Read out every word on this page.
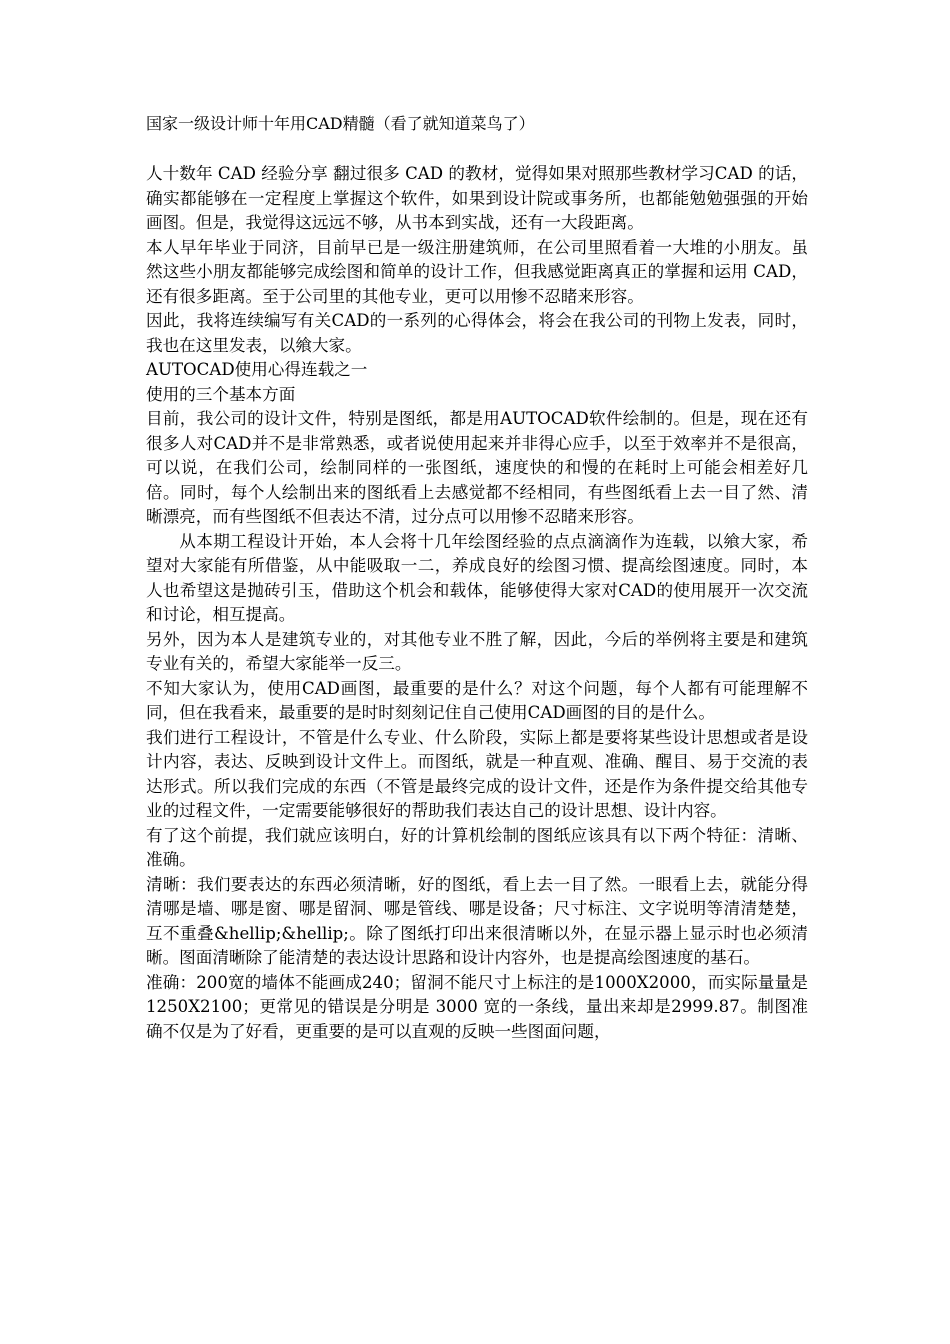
国家一级设计师十年用CAD精髓（看了就知道菜鸟了）

人十数年 CAD 经验分享 翻过很多 CAD 的教材，觉得如果对照那些教材学习CAD 的话，确实都能够在一定程度上掌握这个软件，如果到设计院或事务所，也都能勉勉强强的开始画图。但是，我觉得这远远不够，从书本到实战，还有一大段距离。

本人早年毕业于同济，目前早已是一级注册建筑师，在公司里照看着一大堆的小朋友。虽然这些小朋友都能够完成绘图和简单的设计工作，但我感觉距离真正的掌握和运用 CAD，还有很多距离。至于公司里的其他专业，更可以用惨不忍睹来形容。

因此，我将连续编写有关CAD的一系列的心得体会，将会在我公司的刊物上发表，同时，我也在这里发表，以飨大家。

AUTOCAD使用心得连载之一

使用的三个基本方面

目前，我公司的设计文件，特别是图纸，都是用AUTOCAD软件绘制的。但是，现在还有很多人对CAD并不是非常熟悉，或者说使用起来并非得心应手，以至于效率并不是很高，可以说，在我们公司，绘制同样的一张图纸，速度快的和慢的在耗时上可能会相差好几倍。同时，每个人绘制出来的图纸看上去感觉都不经相同，有些图纸看上去一目了然、清晰漂亮，而有些图纸不但表达不清，过分点可以用惨不忍睹来形容。

从本期工程设计开始，本人会将十几年绘图经验的点点滴滴作为连载，以飨大家，希望对大家能有所借鉴，从中能吸取一二，养成良好的绘图习惯、提高绘图速度。同时，本人也希望这是抛砖引玉，借助这个机会和载体，能够使得大家对CAD的使用展开一次交流和讨论，相互提高。

另外，因为本人是建筑专业的，对其他专业不胜了解，因此，今后的举例将主要是和建筑专业有关的，希望大家能举一反三。

不知大家认为，使用CAD画图，最重要的是什么？对这个问题，每个人都有可能理解不同，但在我看来，最重要的是时时刻刻记住自己使用CAD画图的目的是什么。

我们进行工程设计，不管是什么专业、什么阶段，实际上都是要将某些设计思想或者是设计内容，表达、反映到设计文件上。而图纸，就是一种直观、准确、醒目、易于交流的表达形式。所以我们完成的东西（不管是最终完成的设计文件，还是作为条件提交给其他专业的过程文件，一定需要能够很好的帮助我们表达自己的设计思想、设计内容。

有了这个前提，我们就应该明白，好的计算机绘制的图纸应该具有以下两个特征：清晰、准确。

清晰：我们要表达的东西必须清晰，好的图纸，看上去一目了然。一眼看上去，就能分得清哪是墙、哪是窗、哪是留洞、哪是管线、哪是设备；尺寸标注、文字说明等清清楚楚，互不重叠&hellip;&hellip;。除了图纸打印出来很清晰以外，在显示器上显示时也必须清晰。图面清晰除了能清楚的表达设计思路和设计内容外，也是提高绘图速度的基石。

准确：200宽的墙体不能画成240；留洞不能尺寸上标注的是1000X2000，而实际量量是 1250X2100；更常见的错误是分明是 3000 宽的一条线，量出来却是2999.87。制图准确不仅是为了好看，更重要的是可以直观的反映一些图面问题，
